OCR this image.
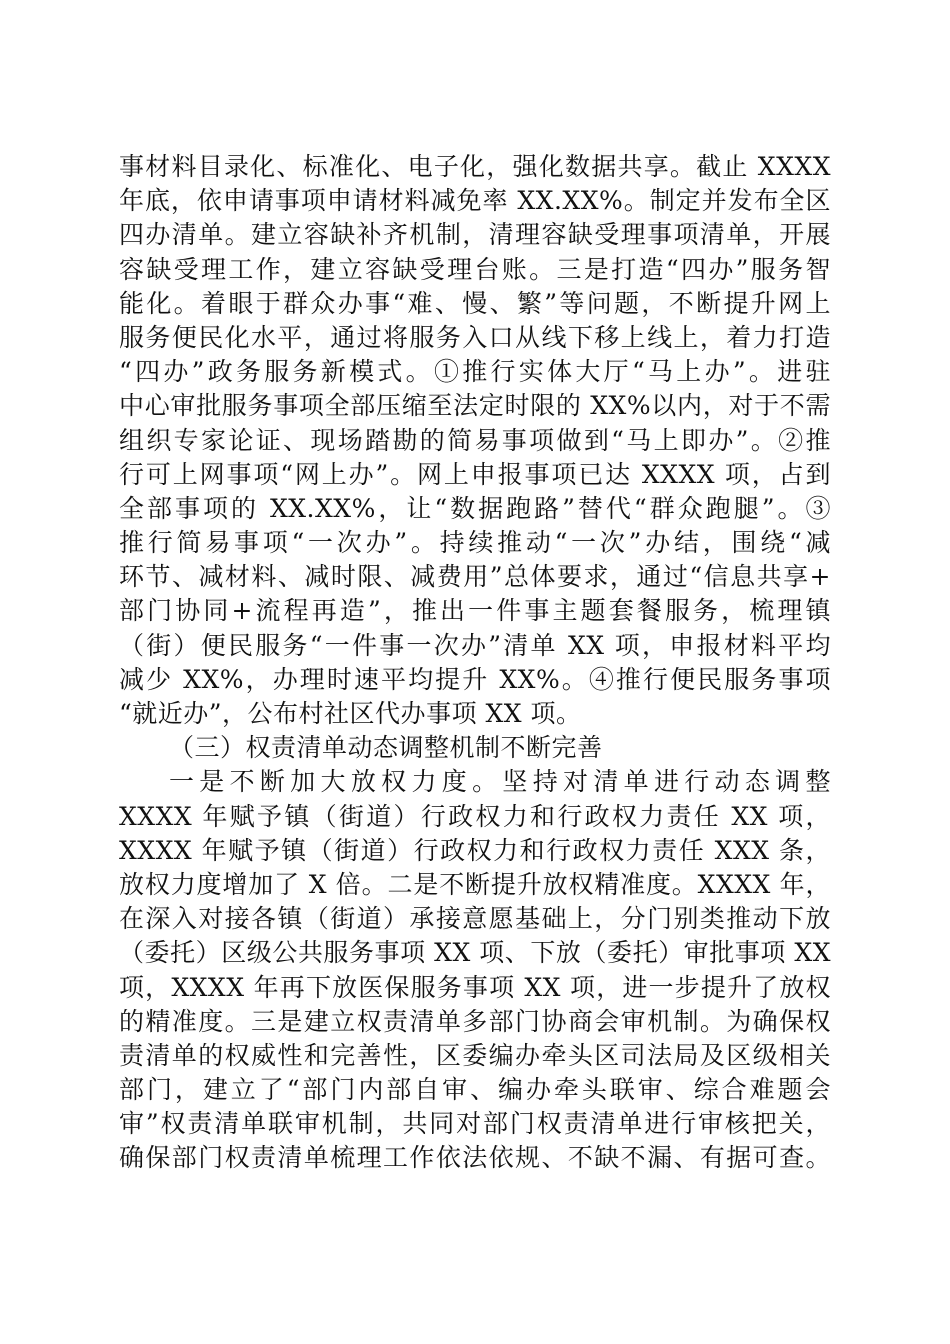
事材料目录化、标准化、电子化，强化数据共享。截止 XXXX
年底，依申请事项申请材料减免率 XX.XX%。制定并发布全区
四办清单。建立容缺补齐机制，清理容缺受理事项清单，开展
容缺受理工作，建立容缺受理台账。三是打造“四办”服务智
能化。着眼于群众办事“难、慢、繁”等问题，不断提升网上
服务便民化水平，通过将服务入口从线下移上线上，着力打造
“四办”政务服务新模式。①推行实体大厅“马上办”。进驻
中心审批服务事项全部压缩至法定时限的 XX%以内，对于不需
组织专家论证、现场踏勘的简易事项做到“马上即办”。②推
行可上网事项“网上办”。网上申报事项已达 XXXX 项，占到
全部事项的 XX.XX%，让“数据跑路”替代“群众跑腿”。③
推行简易事项“一次办”。持续推动“一次”办结，围绕“减
环节、减材料、减时限、减费用”总体要求，通过“信息共享+
部门协同+流程再造”，推出一件事主题套餐服务，梳理镇
（街）便民服务“一件事一次办”清单 XX 项，申报材料平均
减少 XX%，办理时速平均提升 XX%。④推行便民服务事项
“就近办”，公布村社区代办事项 XX 项。
（三）权责清单动态调整机制不断完善
一是不断加大放权力度。坚持对清单进行动态调整
XXXX 年赋予镇（街道）行政权力和行政权力责任 XX 项，
XXXX 年赋予镇（街道）行政权力和行政权力责任 XXX 条，
放权力度增加了 X 倍。二是不断提升放权精准度。XXXX 年，
在深入对接各镇（街道）承接意愿基础上，分门别类推动下放
（委托）区级公共服务事项 XX 项、下放（委托）审批事项 XX
项，XXXX 年再下放医保服务事项 XX 项，进一步提升了放权
的精准度。三是建立权责清单多部门协商会审机制。为确保权
责清单的权威性和完善性，区委编办牵头区司法局及区级相关
部门，建立了“部门内部自审、编办牵头联审、综合难题会
审”权责清单联审机制，共同对部门权责清单进行审核把关，
确保部门权责清单梳理工作依法依规、不缺不漏、有据可查。
